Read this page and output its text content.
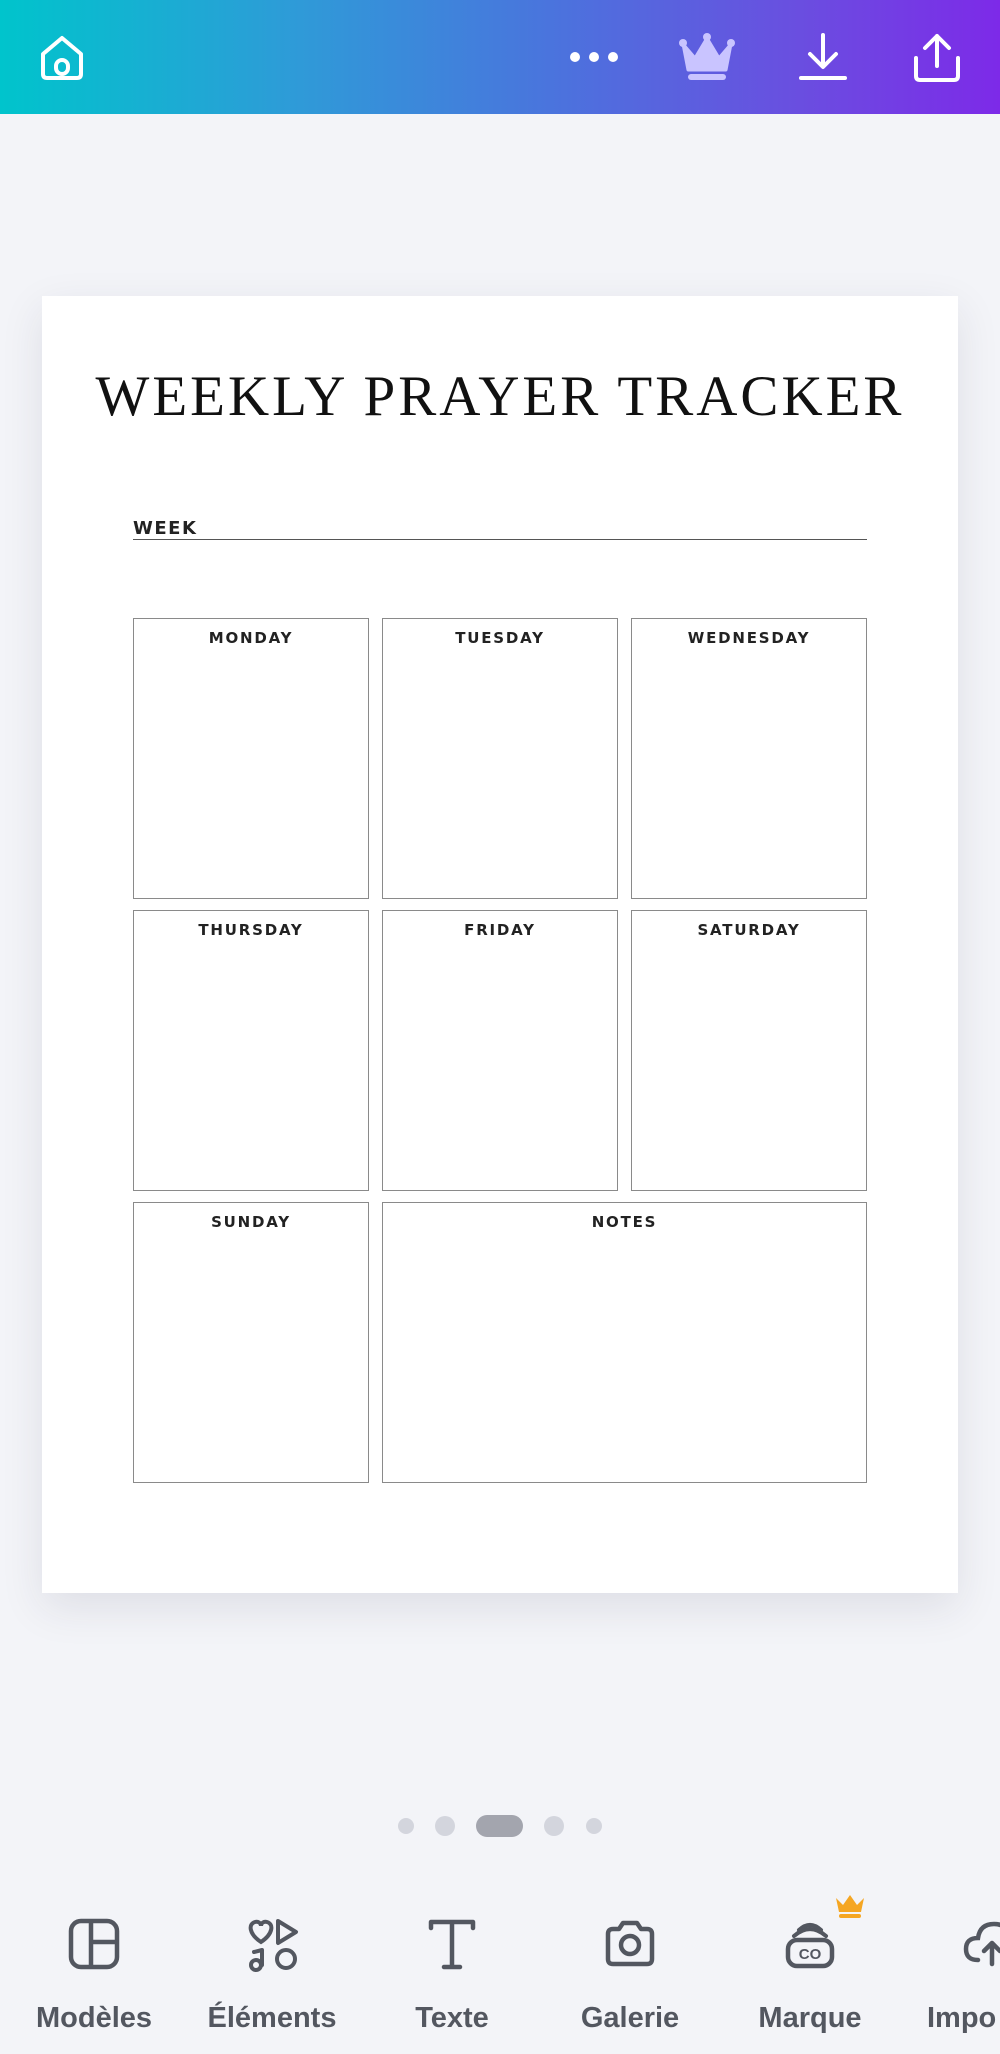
WEEKLY PRAYER TRACKER
WEEK
MONDAY	TUESDAY	WEDNESDAY
THURSDAY	FRIDAY	SATURDAY
SUNDAY	NOTES
Modèles	Éléments	Texte	Galerie
CO
Marque	Impo
